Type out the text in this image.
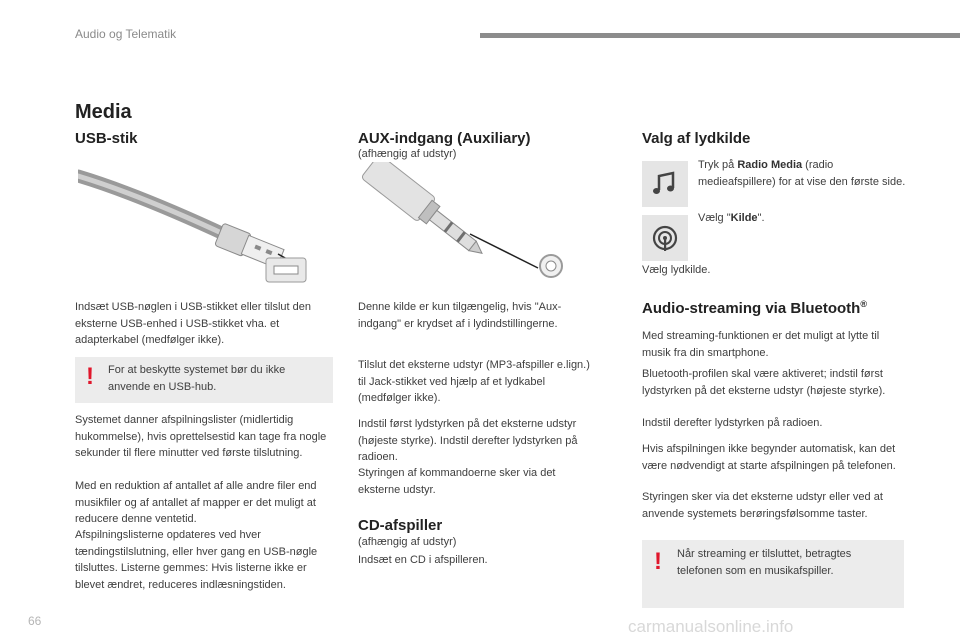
Audio og Telematik
Media
USB-stik
Indsæt USB-nøglen i USB-stikket eller tilslut den eksterne USB-enhed i USB-stikket vha. et adapterkabel (medfølger ikke).
! For at beskytte systemet bør du ikke anvende en USB-hub.
Systemet danner afspilningslister (midlertidig hukommelse), hvis oprettelsestid kan tage fra nogle sekunder til flere minutter ved første tilslutning.
Med en reduktion af antallet af alle andre filer end musikfiler og af antallet af mapper er det muligt at reducere denne ventetid.
Afspilningslisterne opdateres ved hver tændingstilslutning, eller hver gang en USB-nøgle tilsluttes. Listerne gemmes: Hvis listerne ikke er blevet ændret, reduceres indlæsningstiden.
AUX-indgang (Auxiliary)
(afhængig af udstyr)
Denne kilde er kun tilgængelig, hvis "Aux-indgang" er krydset af i lydindstillingerne.
Tilslut det eksterne udstyr (MP3-afspiller e.lign.) til Jack-stikket ved hjælp af et lydkabel (medfølger ikke).
Indstil først lydstyrken på det eksterne udstyr (højeste styrke). Indstil derefter lydstyrken på radioen.
Styringen af kommandoerne sker via det eksterne udstyr.
CD-afspiller
(afhængig af udstyr)
Indsæt en CD i afspilleren.
Valg af lydkilde
Tryk på Radio Media (radio medieafspillere) for at vise den første side.
Vælg "Kilde".
Vælg lydkilde.
Audio-streaming via Bluetooth®
Med streaming-funktionen er det muligt at lytte til musik fra din smartphone.
Bluetooth-profilen skal være aktiveret; indstil først lydstyrken på det eksterne udstyr (højeste styrke).
Indstil derefter lydstyrken på radioen.
Hvis afspilningen ikke begynder automatisk, kan det være nødvendigt at starte afspilningen på telefonen.
Styringen sker via det eksterne udstyr eller ved at anvende systemets berøringsfølsomme taster.
! Når streaming er tilsluttet, betragtes telefonen som en musikafspiller.
66	carmanualsonline.info
